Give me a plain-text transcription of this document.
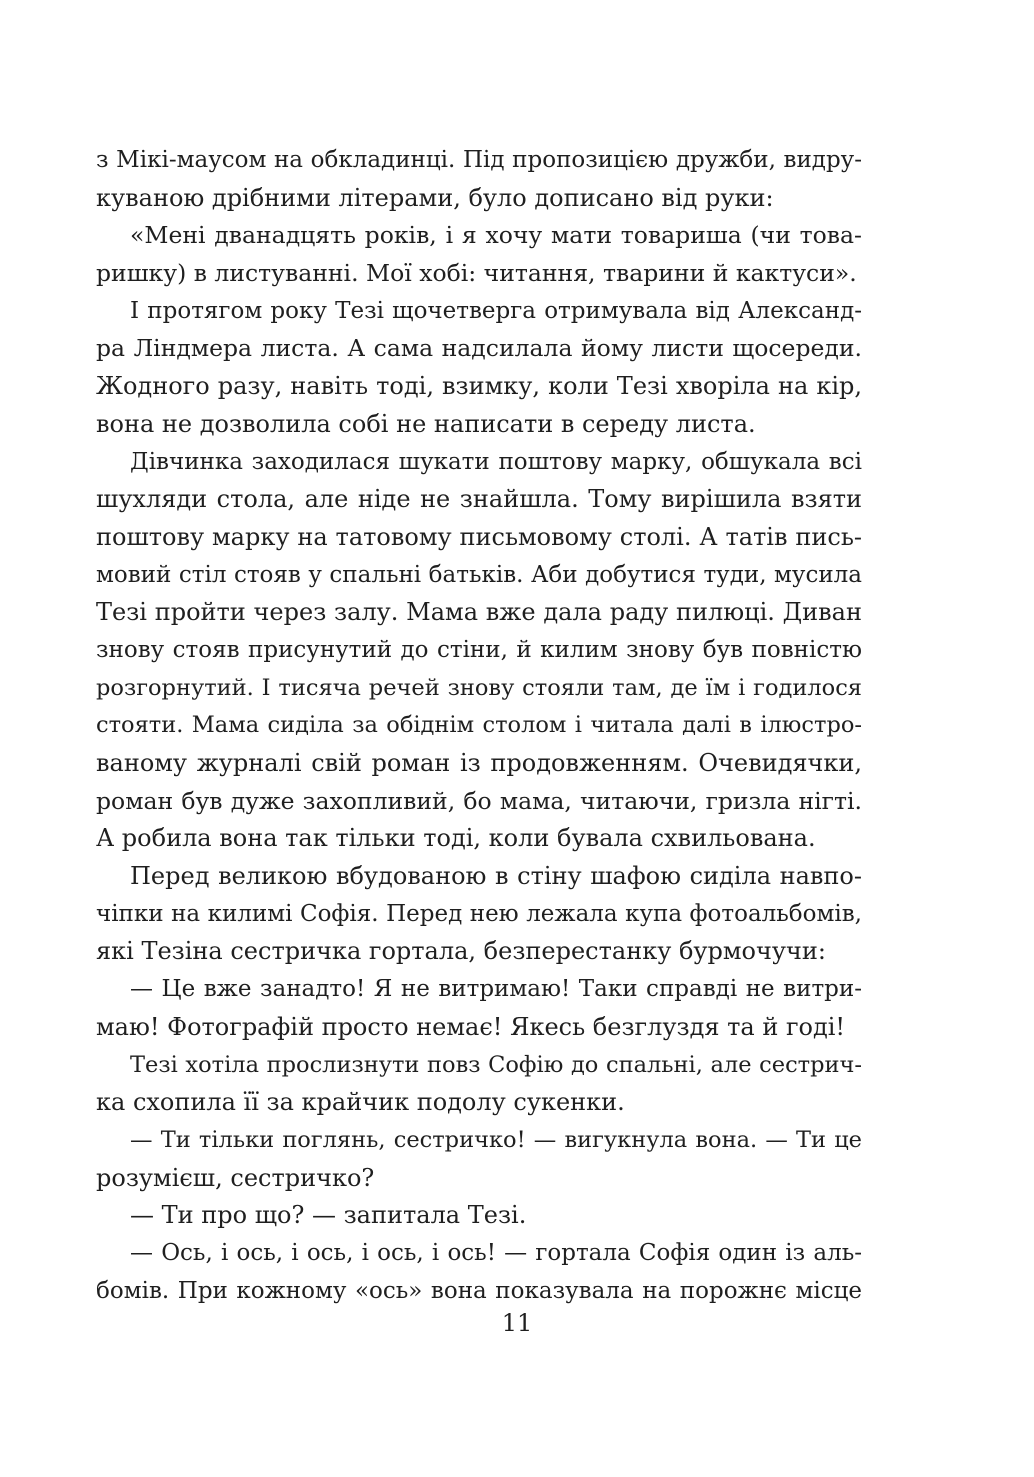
з Мікі-маусом на обкладинці. Під пропозицією дружби, видру-
куваною дрібними літерами, було дописано від руки:
«Мені дванадцять років, і я хочу мати товариша (чи това-
ришку) в листуванні. Мої хобі: читання, тварини й кактуси».
І протягом року Тезі щочетверга отримувала від Александ-
ра Ліндмера листа. А сама надсилала йому листи щосереди.
Жодного разу, навіть тоді, взимку, коли Тезі хворіла на кір,
вона не дозволила собі не написати в середу листа.
Дівчинка заходилася шукати поштову марку, обшукала всі
шухляди стола, але ніде не знайшла. Тому вирішила взяти
поштову марку на татовому письмовому столі. А татів пись-
мовий стіл стояв у спальні батьків. Аби добутися туди, мусила
Тезі пройти через залу. Мама вже дала раду пилюці. Диван
знову стояв присунутий до стіни, й килим знову був повністю
розгорнутий. І тисяча речей знову стояли там, де їм і годилося
стояти. Мама сиділа за обіднім столом і читала далі в ілюстро-
ваному журналі свій роман із продовженням. Очевидячки,
роман був дуже захопливий, бо мама, читаючи, гризла нігті.
А робила вона так тільки тоді, коли бувала схвильована.
Перед великою вбудованою в стіну шафою сиділа навпо-
чіпки на килимі Софія. Перед нею лежала купа фотоальбомів,
які Тезіна сестричка гортала, безперестанку бурмочучи:
— Це вже занадто! Я не витримаю! Таки справді не витри-
маю! Фотографій просто немає! Якесь безглуздя та й годі!
Тезі хотіла прослизнути повз Софію до спальні, але сестрич-
ка схопила її за крайчик подолу сукенки.
— Ти тільки поглянь, сестричко! — вигукнула вона. — Ти це
розумієш, сестричко?
— Ти про що? — запитала Тезі.
— Ось, і ось, і ось, і ось, і ось! — гортала Софія один із аль-
бомів. При кожному «ось» вона показувала на порожнє місце
11
